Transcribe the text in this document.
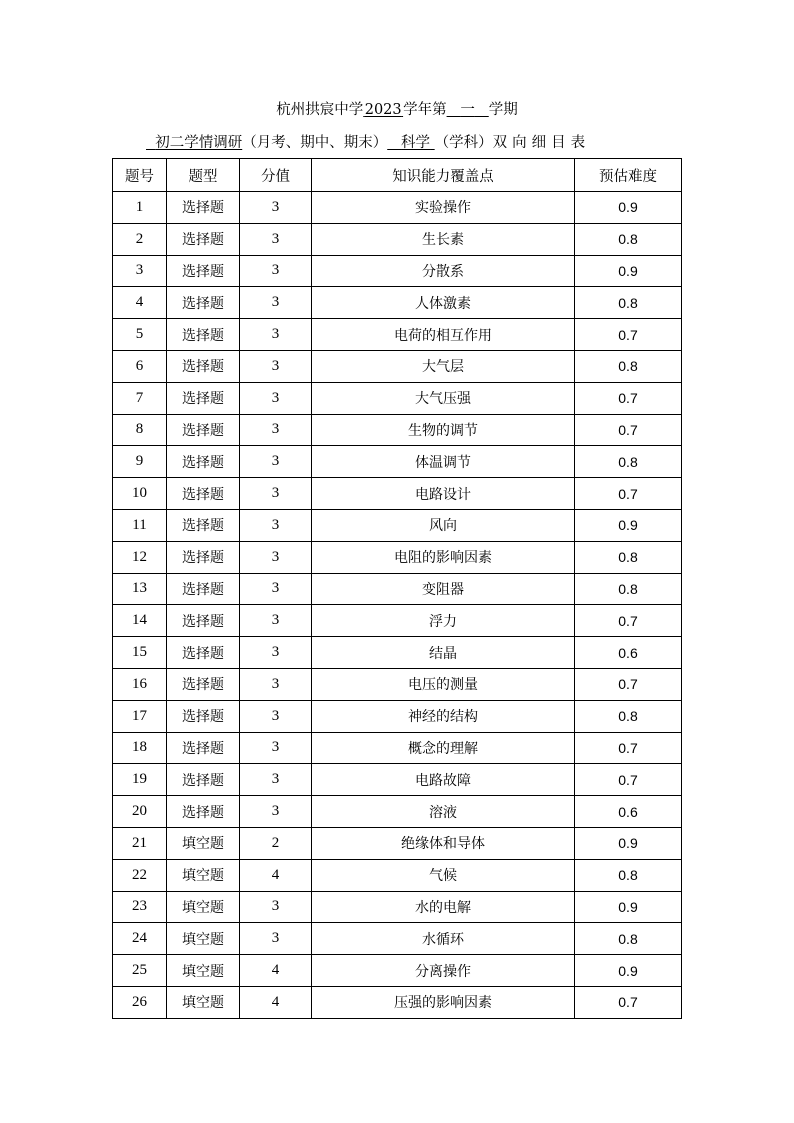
杭州拱宸中学 2023 学年第 一 学期
初二学情调研（月考、期中、期末） 科学 （学科）双向细目表
题号	题型	分值	知识能力覆盖点	预估难度
1	选择题	3	实验操作	0.9
2	选择题	3	生长素	0.8
3	选择题	3	分散系	0.9
4	选择题	3	人体激素	0.8
5	选择题	3	电荷的相互作用	0.7
6	选择题	3	大气层	0.8
7	选择题	3	大气压强	0.7
8	选择题	3	生物的调节	0.7
9	选择题	3	体温调节	0.8
10	选择题	3	电路设计	0.7
11	选择题	3	风向	0.9
12	选择题	3	电阻的影响因素	0.8
13	选择题	3	变阻器	0.8
14	选择题	3	浮力	0.7
15	选择题	3	结晶	0.6
16	选择题	3	电压的测量	0.7
17	选择题	3	神经的结构	0.8
18	选择题	3	概念的理解	0.7
19	选择题	3	电路故障	0.7
20	选择题	3	溶液	0.6
21	填空题	2	绝缘体和导体	0.9
22	填空题	4	气候	0.8
23	填空题	3	水的电解	0.9
24	填空题	3	水循环	0.8
25	填空题	4	分离操作	0.9
26	填空题	4	压强的影响因素	0.7
